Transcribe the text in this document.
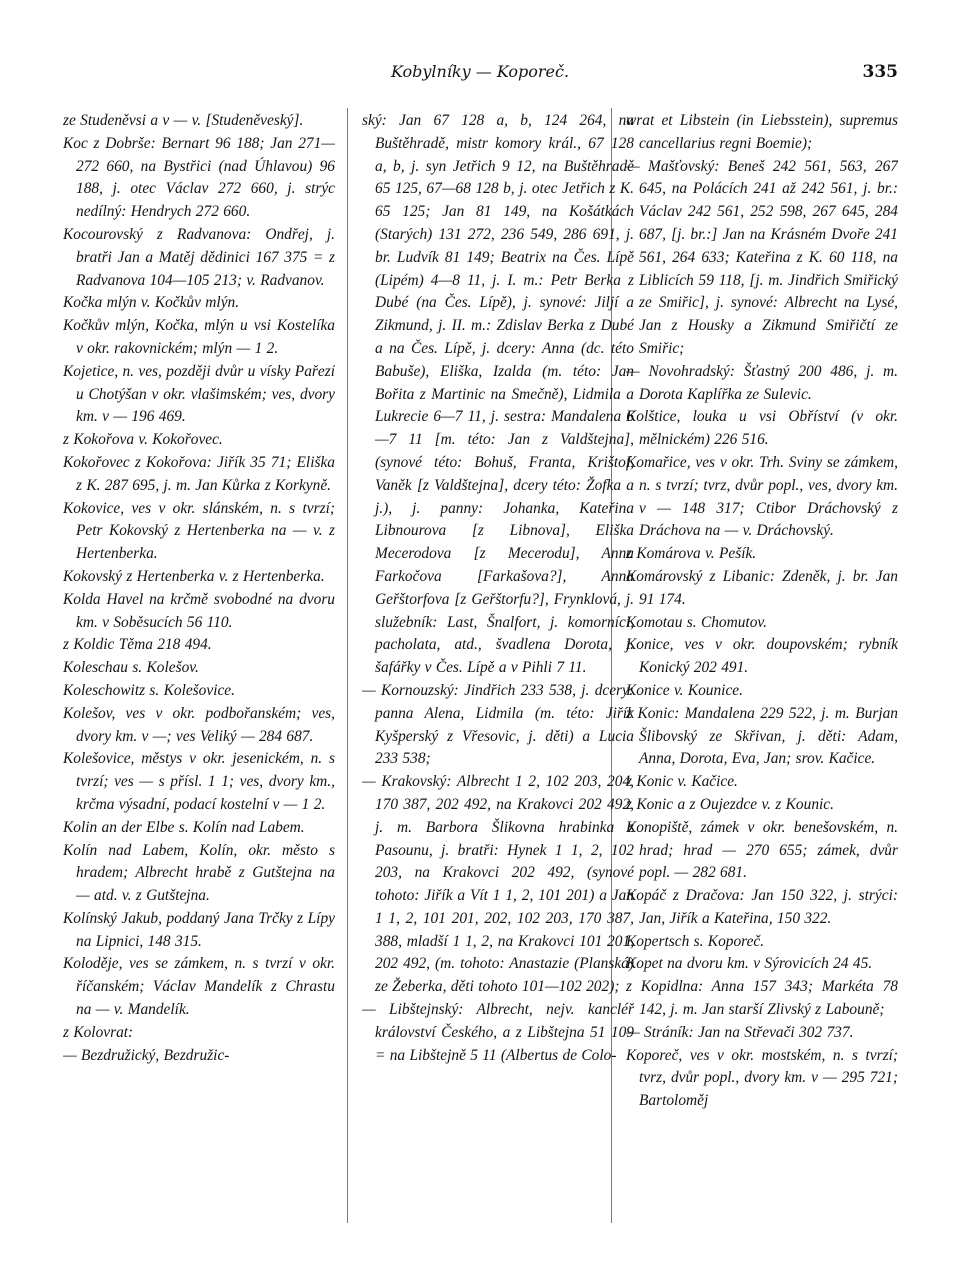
Kobylníky — Koporeč.	335

ze Studeněvsi a v — v. [Studeněveský].

Koc z Dobrše: Bernart 96 188; Jan 271—272 660, na Bystřici (nad Úhlavou) 96 188, j. otec Václav 272 660, j. strýc nedílný: Hendrych 272 660.

Kocourovský z Radvanova: Ondřej, j. bratři Jan a Matěj dědinici 167 375 = z Radvanova 104—105 213; v. Radvanov.

Kočka mlýn v. Kočkův mlýn.

Kočkův mlýn, Kočka, mlýn u vsi Kostelíka v okr. rakovnickém; mlýn — 1 2.

Kojetice, n. ves, později dvůr u vísky Pařezí u Chotýšan v okr. vlašimském; ves, dvory km. v — 196 469.

z Kokořova v. Kokořovec.

Kokořovec z Kokořova: Jiřík 35 71; Eliška z K. 287 695, j. m. Jan Kůrka z Korkyně.

Kokovice, ves v okr. slánském, n. s tvrzí; Petr Kokovský z Hertenberka na — v. z Hertenberka.

Kokovský z Hertenberka v. z Hertenberka.

Kolda Havel na krčmě svobodné na dvoru km. v Soběsucích 56 110.

z Koldic Těma 218 494.

Koleschau s. Kolešov.

Koleschowitz s. Kolešovice.

Kolešov, ves v okr. podbořanském; ves, dvory km. v —; ves Veliký — 284 687.

Kolešovice, městys v okr. jesenickém, n. s tvrzí; ves — s přísl. 1 1; ves, dvory km., krčma výsadní, podací kostelní v — 1 2.

Kolin an der Elbe s. Kolín nad Labem.

Kolín nad Labem, Kolín, okr. město s hradem; Albrecht hrabě z Gutštejna na — atd. v. z Gutštejna.

Kolínský Jakub, poddaný Jana Trčky z Lípy na Lipnici, 148 315.

Koloděje, ves se zámkem, n. s tvrzí v okr. říčanském; Václav Mandelík z Chrastu na — v. Mandelík.

z Kolovrat:

— Bezdružický, Bezdružic-

ský: Jan 67 128 a, b, 124 264, na Buštěhradě, mistr komory král., 67 128 a, b, j. syn Jetřich 9 12, na Buštěhradě 65 125, 67—68 128 b, j. otec Jetřich z K. 65 125; Jan 81 149, na Košátkách (Starých) 131 272, 236 549, 286 691, j. br. Ludvík 81 149; Beatrix na Čes. Lípě (Lipém) 4—8 11, j. I. m.: Petr Berka z Dubé (na Čes. Lípě), j. synové: Jiljí a Zikmund, j. II. m.: Zdislav Berka z Dubé a na Čes. Lípě, j. dcery: Anna (dc. této Babuše), Eliška, Izalda (m. této: Jan Bořita z Martinic na Smečně), Lidmila a Lukrecie 6—7 11, j. sestra: Mandalena 6—7 11 [m. této: Jan z Valdštejna], (synové této: Bohuš, Franta, Krištof, Vaněk [z Valdštejna], dcery této: Žofka a j.), j. panny: Johanka, Kateřina Libnourova [z Libnova], Eliška Mecerodova [z Mecerodu], Anna Farkočova [Farkašova?], Anna Geřštorfova [z Geřštorfu?], Frynklová, j. služebník: Last, Šnalfort, j. komorníci, pacholata, atd., švadlena Dorota, j. šafářky v Čes. Lípě a v Pihli 7 11.

— Kornouzský: Jindřich 233 538, j. dcery: panna Alena, Lidmila (m. této: Jiřík Kyšperský z Vřesovic, j. děti) a Lucia 233 538;

— Krakovský: Albrecht 1 2, 102 203, 204, 170 387, 202 492, na Krakovci 202 492, j. m. Barbora Šlikovna hrabinka z Pasounu, j. bratři: Hynek 1 1, 2, 102 203, na Krakovci 202 492, (synové tohoto: Jiřík a Vít 1 1, 2, 101 201) a Jan 1 1, 2, 101 201, 202, 102 203, 170 387, 388, mladší 1 1, 2, na Krakovci 101 201, 202 492, (m. tohoto: Anastazie (Planská) ze Žeberka, děti tohoto 101—102 202);

— Libštejnský: Albrecht, nejv. kancléř království Českého, a z Libštejna 51 109 = na Libštejně 5 11 (Albertus de Colo-

wrat et Libstein (in Liebsstein), supremus cancellarius regni Boemie);

— Mašťovský: Beneš 242 561, 563, 267 645, na Polácích 241 až 242 561, j. br.: Václav 242 561, 252 598, 267 645, 284 687, [j. br.:] Jan na Krásném Dvoře 241 561, 264 633; Kateřina z K. 60 118, na Liblicích 59 118, [j. m. Jindřich Smiřický ze Smiřic], j. synové: Albrecht na Lysé, Jan z Housky a Zikmund Smiřičtí ze Smiřic;

— Novohradský: Šťastný 200 486, j. m. Dorota Kaplířka ze Sulevic.

Kolštice, louka u vsi Obříství (v okr. mělnickém) 226 516.

Komařice, ves v okr. Trh. Sviny se zámkem, n. s tvrzí; tvrz, dvůr popl., ves, dvory km. v — 148 317; Ctibor Dráchovský z Dráchova na — v. Dráchovský.

z Komárova v. Pešík.

Komárovský z Libanic: Zdeněk, j. br. Jan 91 174.

Komotau s. Chomutov.

Konice, ves v okr. doupovském; rybník Konický 202 491.

Konice v. Kounice.

z Konic: Mandalena 229 522, j. m. Burjan Šlibovský ze Skřivan, j. děti: Adam, Anna, Dorota, Eva, Jan; srov. Kačice.

z Konic v. Kačice.

z Konic a z Oujezdce v. z Kounic.

Konopiště, zámek v okr. benešovském, n. hrad; hrad — 270 655; zámek, dvůr popl. — 282 681.

Kopáč z Dračova: Jan 150 322, j. strýci: Jan, Jiřík a Kateřina, 150 322.

Kopertsch s. Koporeč.

Kopet na dvoru km. v Sýrovicích 24 45.

z Kopidlna: Anna 157 343; Markéta 78 142, j. m. Jan starší Zlivský z Labouně;

— Stráník: Jan na Střevači 302 737.

Koporeč, ves v okr. mostském, n. s tvrzí; tvrz, dvůr popl., dvory km. v — 295 721; Bartoloměj
